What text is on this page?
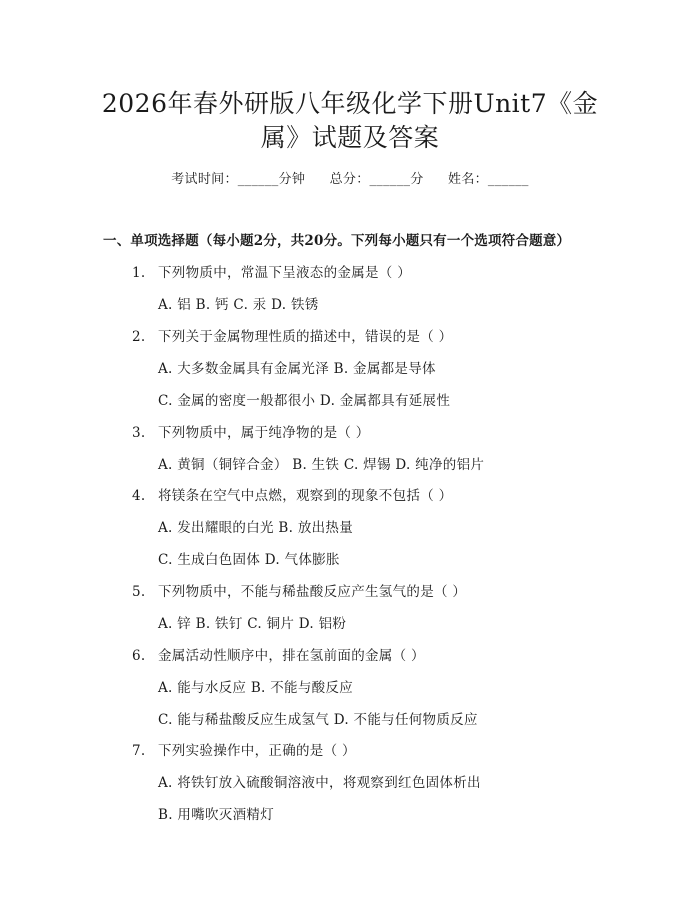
2026年春外研版八年级化学下册Unit7《金
属》试题及答案
考试时间：______分钟 总分：______分 姓名：______
一、单项选择题（每小题2分，共20分。下列每小题只有一个选项符合题意）
1. 下列物质中，常温下呈液态的金属是（ ）
A. 铝 B. 钙 C. 汞 D. 铁锈
2. 下列关于金属物理性质的描述中，错误的是（ ）
A. 大多数金属具有金属光泽 B. 金属都是导体
C. 金属的密度一般都很小 D. 金属都具有延展性
3. 下列物质中，属于纯净物的是（ ）
A. 黄铜（铜锌合金） B. 生铁 C. 焊锡 D. 纯净的铝片
4. 将镁条在空气中点燃，观察到的现象不包括（ ）
A. 发出耀眼的白光 B. 放出热量
C. 生成白色固体 D. 气体膨胀
5. 下列物质中，不能与稀盐酸反应产生氢气的是（ ）
A. 锌 B. 铁钉 C. 铜片 D. 铝粉
6. 金属活动性顺序中，排在氢前面的金属（ ）
A. 能与水反应 B. 不能与酸反应
C. 能与稀盐酸反应生成氢气 D. 不能与任何物质反应
7. 下列实验操作中，正确的是（ ）
A. 将铁钉放入硫酸铜溶液中，将观察到红色固体析出
B. 用嘴吹灭酒精灯
